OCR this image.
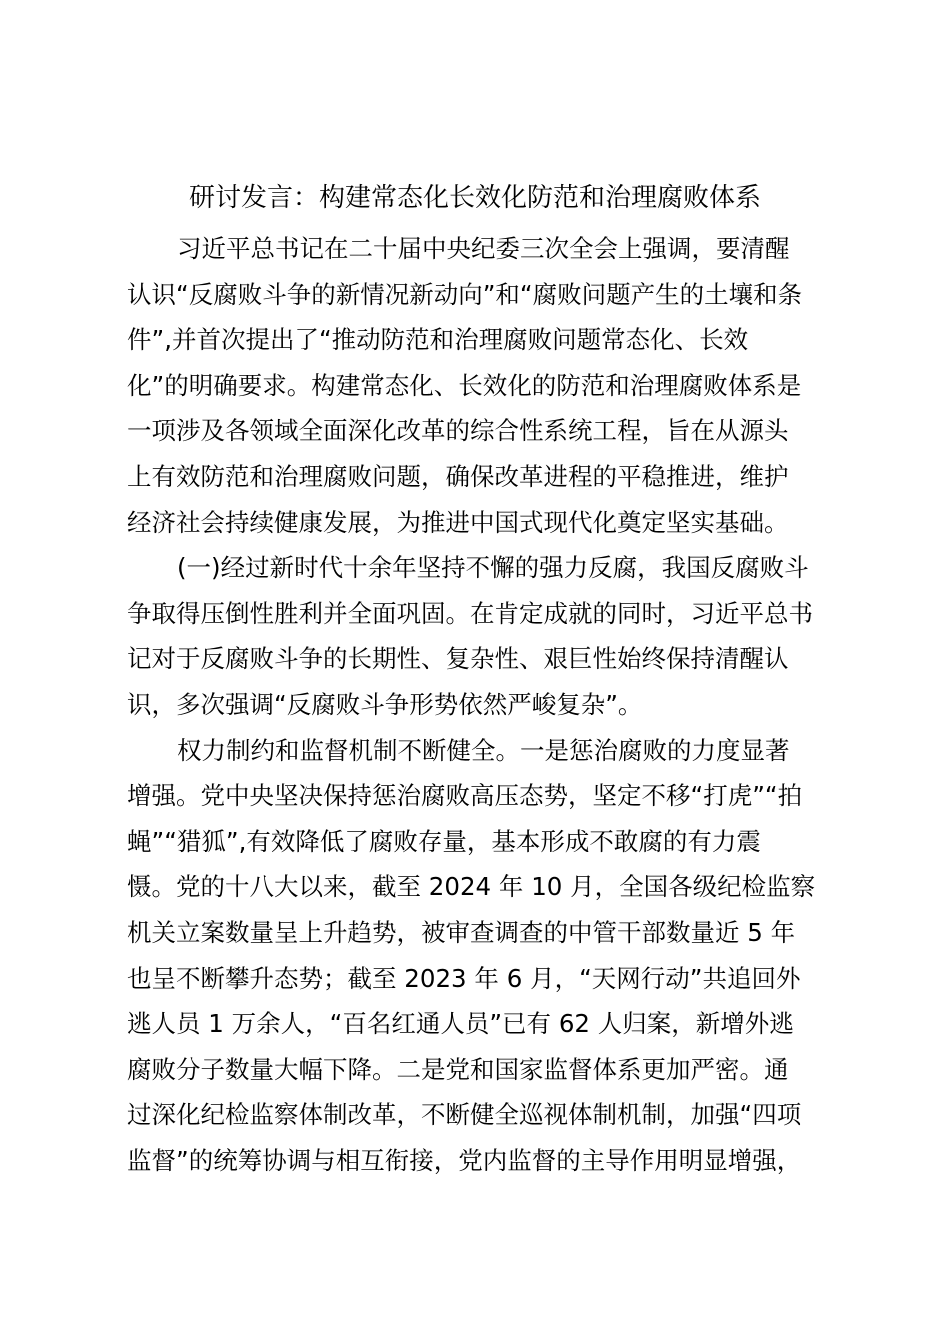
研讨发言：构建常态化长效化防范和治理腐败体系
习近平总书记在二十届中央纪委三次全会上强调，要清醒
认识“反腐败斗争的新情况新动向”和“腐败问题产生的土壤和条
件”,并首次提出了“推动防范和治理腐败问题常态化、长效
化”的明确要求。构建常态化、长效化的防范和治理腐败体系是
一项涉及各领域全面深化改革的综合性系统工程，旨在从源头
上有效防范和治理腐败问题，确保改革进程的平稳推进，维护
经济社会持续健康发展，为推进中国式现代化奠定坚实基础。
(一)经过新时代十余年坚持不懈的强力反腐，我国反腐败斗
争取得压倒性胜利并全面巩固。在肯定成就的同时，习近平总书
记对于反腐败斗争的长期性、复杂性、艰巨性始终保持清醒认
识，多次强调“反腐败斗争形势依然严峻复杂”。
权力制约和监督机制不断健全。一是惩治腐败的力度显著
增强。党中央坚决保持惩治腐败高压态势，坚定不移“打虎”“拍
蝇”“猎狐”,有效降低了腐败存量，基本形成不敢腐的有力震
慑。党的十八大以来，截至 2024 年 10 月，全国各级纪检监察
机关立案数量呈上升趋势，被审查调查的中管干部数量近 5 年
也呈不断攀升态势；截至 2023 年 6 月，“天网行动”共追回外
逃人员 1 万余人，“百名红通人员”已有 62 人归案，新增外逃
腐败分子数量大幅下降。二是党和国家监督体系更加严密。通
过深化纪检监察体制改革，不断健全巡视体制机制，加强“四项
监督”的统筹协调与相互衔接，党内监督的主导作用明显增强，
